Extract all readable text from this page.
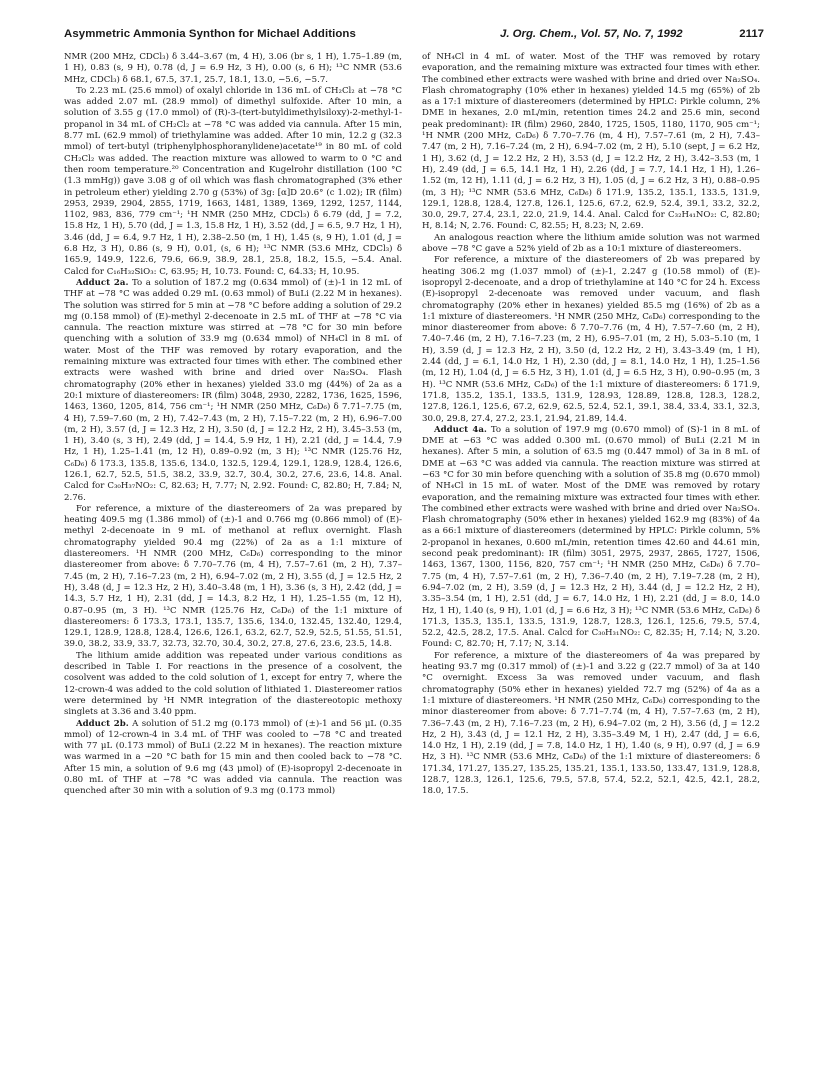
Asymmetric Ammonia Synthon for Michael Additions	J. Org. Chem., Vol. 57, No. 7, 1992	2117

NMR (200 MHz, CDCl₃) δ 3.44–3.67 (m, 4 H), 3.06 (br s, 1 H), 1.75–1.89 (m, 1 H), 0.83 (s, 9 H), 0.78 (d, J = 6.9 Hz, 3 H), 0.00 (s, 6 H); ¹³C NMR (53.6 MHz, CDCl₃) δ 68.1, 67.5, 37.1, 25.7, 18.1, 13.0, −5.6, −5.7.

To 2.23 mL (25.6 mmol) of oxalyl chloride in 136 mL of CH₂Cl₂ at −78 °C was added 2.07 mL (28.9 mmol) of dimethyl sulfoxide. After 10 min, a solution of 3.55 g (17.0 mmol) of (R)-3-(tert-butyldimethylsiloxy)-2-methyl-1-propanol in 34 mL of CH₂Cl₂ at −78 °C was added via cannula. After 15 min, 8.77 mL (62.9 mmol) of triethylamine was added. After 10 min, 12.2 g (32.3 mmol) of tert-butyl (triphenylphosphoranylidene)acetate¹⁹ in 80 mL of cold CH₂Cl₂ was added. The reaction mixture was allowed to warm to 0 °C and then room temperature.²⁰ Concentration and Kugelrohr distillation (100 °C (1.3 mmHg)) gave 3.08 g of oil which was flash chromatographed (3% ether in petroleum ether) yielding 2.70 g (53%) of 3g: [α]D 20.6° (c 1.02); IR (film) 2953, 2939, 2904, 2855, 1719, 1663, 1481, 1389, 1369, 1292, 1257, 1144, 1102, 983, 836, 779 cm⁻¹; ¹H NMR (250 MHz, CDCl₃) δ 6.79 (dd, J = 7.2, 15.8 Hz, 1 H), 5.70 (dd, J = 1.3, 15.8 Hz, 1 H), 3.52 (dd, J = 6.5, 9.7 Hz, 1 H), 3.46 (dd, J = 6.4, 9.7 Hz, 1 H), 2.38–2.50 (m, 1 H), 1.45 (s, 9 H), 1.01 (d, J = 6.8 Hz, 3 H), 0.86 (s, 9 H), 0.01, (s, 6 H); ¹³C NMR (53.6 MHz, CDCl₃) δ 165.9, 149.9, 122.6, 79.6, 66.9, 38.9, 28.1, 25.8, 18.2, 15.5, −5.4. Anal. Calcd for C₁₆H₃₂SiO₃: C, 63.95; H, 10.73. Found: C, 64.33; H, 10.95.

Adduct 2a. To a solution of 187.2 mg (0.634 mmol) of (±)-1 in 12 mL of THF at −78 °C was added 0.29 mL (0.63 mmol) of BuLi (2.22 M in hexanes). The solution was stirred for 5 min at −78 °C before adding a solution of 29.2 mg (0.158 mmol) of (E)-methyl 2-decenoate in 2.5 mL of THF at −78 °C via cannula. The reaction mixture was stirred at −78 °C for 30 min before quenching with a solution of 33.9 mg (0.634 mmol) of NH₄Cl in 8 mL of water. Most of the THF was removed by rotary evaporation, and the remaining mixture was extracted four times with ether. The combined ether extracts were washed with brine and dried over Na₂SO₄. Flash chromatography (20% ether in hexanes) yielded 33.0 mg (44%) of 2a as a 20:1 mixture of diastereomers: IR (film) 3048, 2930, 2282, 1736, 1625, 1596, 1463, 1360, 1205, 814, 756 cm⁻¹; ¹H NMR (250 MHz, C₆D₆) δ 7.71–7.75 (m, 4 H), 7.59–7.60 (m, 2 H), 7.42–7.43 (m, 2 H), 7.15–7.22 (m, 2 H), 6.96–7.00 (m, 2 H), 3.57 (d, J = 12.3 Hz, 2 H), 3.50 (d, J = 12.2 Hz, 2 H), 3.45–3.53 (m, 1 H), 3.40 (s, 3 H), 2.49 (dd, J = 14.4, 5.9 Hz, 1 H), 2.21 (dd, J = 14.4, 7.9 Hz, 1 H), 1.25–1.41 (m, 12 H), 0.89–0.92 (m, 3 H); ¹³C NMR (125.76 Hz, C₆D₆) δ 173.3, 135.8, 135.6, 134.0, 132.5, 129.4, 129.1, 128.9, 128.4, 126.6, 126.1, 62.7, 52.5, 51.5, 38.2, 33.9, 32.7, 30.4, 30.2, 27.6, 23.6, 14.8. Anal. Calcd for C₃₀H₃₇NO₂: C, 82.63; H, 7.77; N, 2.92. Found: C, 82.80; H, 7.84; N, 2.76.

For reference, a mixture of the diastereomers of 2a was prepared by heating 409.5 mg (1.386 mmol) of (±)-1 and 0.766 mg (0.866 mmol) of (E)-methyl 2-decenoate in 9 mL of methanol at reflux overnight. Flash chromatography yielded 90.4 mg (22%) of 2a as a 1:1 mixture of diastereomers. ¹H NMR (200 MHz, C₆D₆) corresponding to the minor diastereomer from above: δ 7.70–7.76 (m, 4 H), 7.57–7.61 (m, 2 H), 7.37–7.45 (m, 2 H), 7.16–7.23 (m, 2 H), 6.94–7.02 (m, 2 H), 3.55 (d, J = 12.5 Hz, 2 H), 3.48 (d, J = 12.3 Hz, 2 H), 3.40–3.48 (m, 1 H), 3.36 (s, 3 H), 2.42 (dd, J = 14.3, 5.7 Hz, 1 H), 2.31 (dd, J = 14.3, 8.2 Hz, 1 H), 1.25–1.55 (m, 12 H), 0.87–0.95 (m, 3 H). ¹³C NMR (125.76 Hz, C₆D₆) of the 1:1 mixture of diastereomers: δ 173.3, 173.1, 135.7, 135.6, 134.0, 132.45, 132.40, 129.4, 129.1, 128.9, 128.8, 128.4, 126.6, 126.1, 63.2, 62.7, 52.9, 52.5, 51.55, 51.51, 39.0, 38.2, 33.9, 33.7, 32.73, 32.70, 30.4, 30.2, 27.8, 27.6, 23.6, 23.5, 14.8.

The lithium amide addition was repeated under various conditions as described in Table I. For reactions in the presence of a cosolvent, the cosolvent was added to the cold solution of 1, except for entry 7, where the 12-crown-4 was added to the cold solution of lithiated 1. Diastereomer ratios were determined by ¹H NMR integration of the diastereotopic methoxy singlets at 3.36 and 3.40 ppm.

Adduct 2b. A solution of 51.2 mg (0.173 mmol) of (±)-1 and 56 μL (0.35 mmol) of 12-crown-4 in 3.4 mL of THF was cooled to −78 °C and treated with 77 μL (0.173 mmol) of BuLi (2.22 M in hexanes). The reaction mixture was warmed in a −20 °C bath for 15 min and then cooled back to −78 °C. After 15 min, a solution of 9.6 mg (43 μmol) of (E)-isopropyl 2-decenoate in 0.80 mL of THF at −78 °C was added via cannula. The reaction was quenched after 30 min with a solution of 9.3 mg (0.173 mmol)

of NH₄Cl in 4 mL of water. Most of the THF was removed by rotary evaporation, and the remaining mixture was extracted four times with ether. The combined ether extracts were washed with brine and dried over Na₂SO₄. Flash chromatography (10% ether in hexanes) yielded 14.5 mg (65%) of 2b as a 17:1 mixture of diastereomers (determined by HPLC: Pirkle column, 2% DME in hexanes, 2.0 mL/min, retention times 24.2 and 25.6 min, second peak predominant): IR (film) 2960, 2840, 1725, 1505, 1180, 1170, 905 cm⁻¹; ¹H NMR (200 MHz, C₆D₆) δ 7.70–7.76 (m, 4 H), 7.57–7.61 (m, 2 H), 7.43–7.47 (m, 2 H), 7.16–7.24 (m, 2 H), 6.94–7.02 (m, 2 H), 5.10 (sept, J = 6.2 Hz, 1 H), 3.62 (d, J = 12.2 Hz, 2 H), 3.53 (d, J = 12.2 Hz, 2 H), 3.42–3.53 (m, 1 H), 2.49 (dd, J = 6.5, 14.1 Hz, 1 H), 2.26 (dd, J = 7.7, 14.1 Hz, 1 H), 1.26–1.52 (m, 12 H), 1.11 (d, J = 6.2 Hz, 3 H), 1.05 (d, J = 6.2 Hz, 3 H), 0.88–0.95 (m, 3 H); ¹³C NMR (53.6 MHz, C₆D₆) δ 171.9, 135.2, 135.1, 133.5, 131.9, 129.1, 128.8, 128.4, 127.8, 126.1, 125.6, 67.2, 62.9, 52.4, 39.1, 33.2, 32.2, 30.0, 29.7, 27.4, 23.1, 22.0, 21.9, 14.4. Anal. Calcd for C₃₂H₄₁NO₂: C, 82.80; H, 8.14; N, 2.76. Found: C, 82.55; H, 8.23; N, 2.69.

An analogous reaction where the lithium amide solution was not warmed above −78 °C gave a 52% yield of 2b as a 10:1 mixture of diastereomers.

For reference, a mixture of the diastereomers of 2b was prepared by heating 306.2 mg (1.037 mmol) of (±)-1, 2.247 g (10.58 mmol) of (E)-isopropyl 2-decenoate, and a drop of triethylamine at 140 °C for 24 h. Excess (E)-isopropyl 2-decenoate was removed under vacuum, and flash chromatography (20% ether in hexanes) yielded 85.5 mg (16%) of 2b as a 1:1 mixture of diastereomers. ¹H NMR (250 MHz, C₆D₆) corresponding to the minor diastereomer from above: δ 7.70–7.76 (m, 4 H), 7.57–7.60 (m, 2 H), 7.40–7.46 (m, 2 H), 7.16–7.23 (m, 2 H), 6.95–7.01 (m, 2 H), 5.03–5.10 (m, 1 H), 3.59 (d, J = 12.3 Hz, 2 H), 3.50 (d, 12.2 Hz, 2 H), 3.43–3.49 (m, 1 H), 2.44 (dd, J = 6.1, 14.0 Hz, 1 H), 2.30 (dd, J = 8.1, 14.0 Hz, 1 H), 1.25–1.56 (m, 12 H), 1.04 (d, J = 6.5 Hz, 3 H), 1.01 (d, J = 6.5 Hz, 3 H), 0.90–0.95 (m, 3 H). ¹³C NMR (53.6 MHz, C₆D₆) of the 1:1 mixture of diastereomers: δ 171.9, 171.8, 135.2, 135.1, 133.5, 131.9, 128.93, 128.89, 128.8, 128.3, 128.2, 127.8, 126.1, 125.6, 67.2, 62.9, 62.5, 52.4, 52.1, 39.1, 38.4, 33.4, 33.1, 32.3, 30.0, 29.8, 27.4, 27.2, 23.1, 21.94, 21.89, 14.4.

Adduct 4a. To a solution of 197.9 mg (0.670 mmol) of (S)-1 in 8 mL of DME at −63 °C was added 0.300 mL (0.670 mmol) of BuLi (2.21 M in hexanes). After 5 min, a solution of 63.5 mg (0.447 mmol) of 3a in 8 mL of DME at −63 °C was added via cannula. The reaction mixture was stirred at −63 °C for 30 min before quenching with a solution of 35.8 mg (0.670 mmol) of NH₄Cl in 15 mL of water. Most of the DME was removed by rotary evaporation, and the remaining mixture was extracted four times with ether. The combined ether extracts were washed with brine and dried over Na₂SO₄. Flash chromatography (50% ether in hexanes) yielded 162.9 mg (83%) of 4a as a 66:1 mixture of diastereomers (determined by HPLC: Pirkle column, 5% 2-propanol in hexanes, 0.600 mL/min, retention times 42.60 and 44.61 min, second peak predominant): IR (film) 3051, 2975, 2937, 2865, 1727, 1506, 1463, 1367, 1300, 1156, 820, 757 cm⁻¹; ¹H NMR (250 MHz, C₆D₆) δ 7.70–7.75 (m, 4 H), 7.57–7.61 (m, 2 H), 7.36–7.40 (m, 2 H), 7.19–7.28 (m, 2 H), 6.94–7.02 (m, 2 H), 3.59 (d, J = 12.3 Hz, 2 H), 3.44 (d, J = 12.2 Hz, 2 H), 3.35–3.54 (m, 1 H), 2.51 (dd, J = 6.7, 14.0 Hz, 1 H), 2.21 (dd, J = 8.0, 14.0 Hz, 1 H), 1.40 (s, 9 H), 1.01 (d, J = 6.6 Hz, 3 H); ¹³C NMR (53.6 MHz, C₆D₆) δ 171.3, 135.3, 135.1, 133.5, 131.9, 128.7, 128.3, 126.1, 125.6, 79.5, 57.4, 52.2, 42.5, 28.2, 17.5. Anal. Calcd for C₃₀H₃₁NO₂: C, 82.35; H, 7.14; N, 3.20. Found: C, 82.70; H, 7.17; N, 3.14.

For reference, a mixture of the diastereomers of 4a was prepared by heating 93.7 mg (0.317 mmol) of (±)-1 and 3.22 g (22.7 mmol) of 3a at 140 °C overnight. Excess 3a was removed under vacuum, and flash chromatography (50% ether in hexanes) yielded 72.7 mg (52%) of 4a as a 1:1 mixture of diastereomers. ¹H NMR (250 MHz, C₆D₆) corresponding to the minor diastereomer from above: δ 7.71–7.74 (m, 4 H), 7.57–7.63 (m, 2 H), 7.36–7.43 (m, 2 H), 7.16–7.23 (m, 2 H), 6.94–7.02 (m, 2 H), 3.56 (d, J = 12.2 Hz, 2 H), 3.43 (d, J = 12.1 Hz, 2 H), 3.35–3.49 M, 1 H), 2.47 (dd, J = 6.6, 14.0 Hz, 1 H), 2.19 (dd, J = 7.8, 14.0 Hz, 1 H), 1.40 (s, 9 H), 0.97 (d, J = 6.9 Hz, 3 H). ¹³C NMR (53.6 MHz, C₆D₆) of the 1:1 mixture of diastereomers: δ 171.34, 171.27, 135.27, 135.25, 135.21, 135.1, 133.50, 133.47, 131.9, 128.8, 128.7, 128.3, 126.1, 125.6, 79.5, 57.8, 57.4, 52.2, 52.1, 42.5, 42.1, 28.2, 18.0, 17.5.
